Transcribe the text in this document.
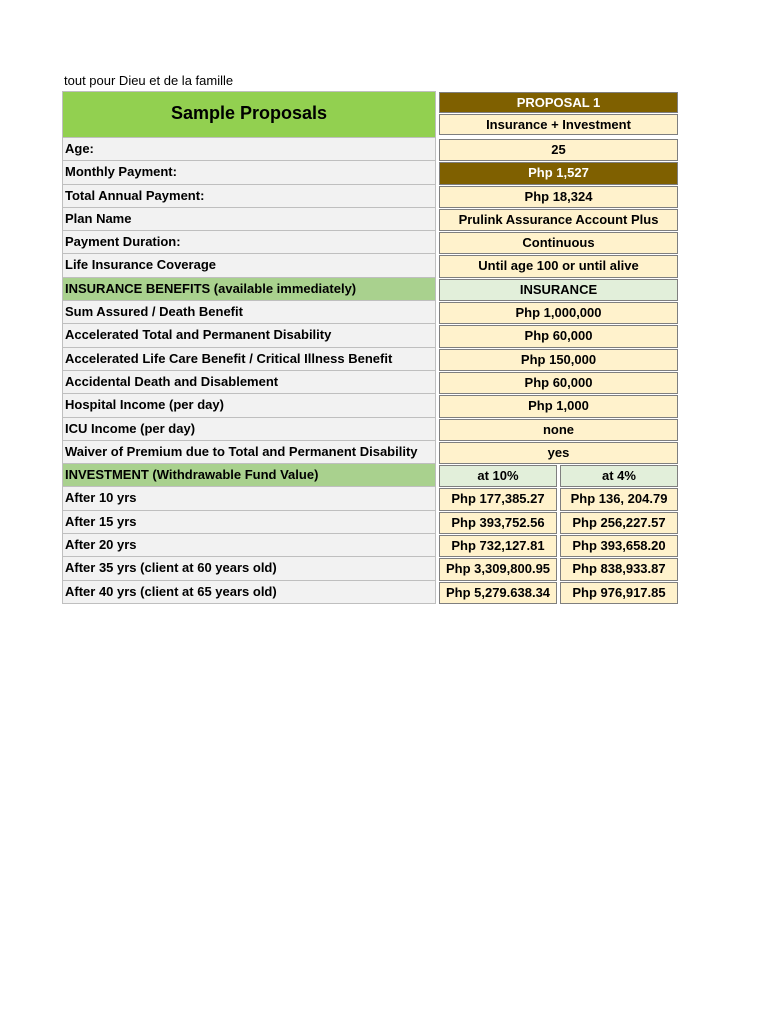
tout pour Dieu et de la famille
Sample Proposals
PROPOSAL 1
Insurance + Investment
Age:	25
Monthly Payment:	Php 1,527
Total Annual Payment:	Php 18,324
Plan Name	Prulink Assurance Account Plus
Payment Duration:	Continuous
Life Insurance Coverage	Until age 100 or until alive
INSURANCE BENEFITS (available immediately)	INSURANCE
Sum Assured / Death Benefit	Php 1,000,000
Accelerated Total and Permanent Disability	Php 60,000
Accelerated Life Care Benefit / Critical Illness Benefit	Php 150,000
Accidental Death and Disablement	Php 60,000
Hospital Income (per day)	Php 1,000
ICU Income (per day)	none
Waiver of Premium due to Total and Permanent Disability	yes
INVESTMENT (Withdrawable Fund Value)	at 10%	at 4%
After 10 yrs	Php 177,385.27	Php 136, 204.79
After 15 yrs	Php 393,752.56	Php 256,227.57
After 20 yrs	Php 732,127.81	Php 393,658.20
After 35 yrs (client at 60 years old)	Php 3,309,800.95	Php 838,933.87
After 40 yrs (client at 65 years old)	Php 5,279.638.34	Php 976,917.85
